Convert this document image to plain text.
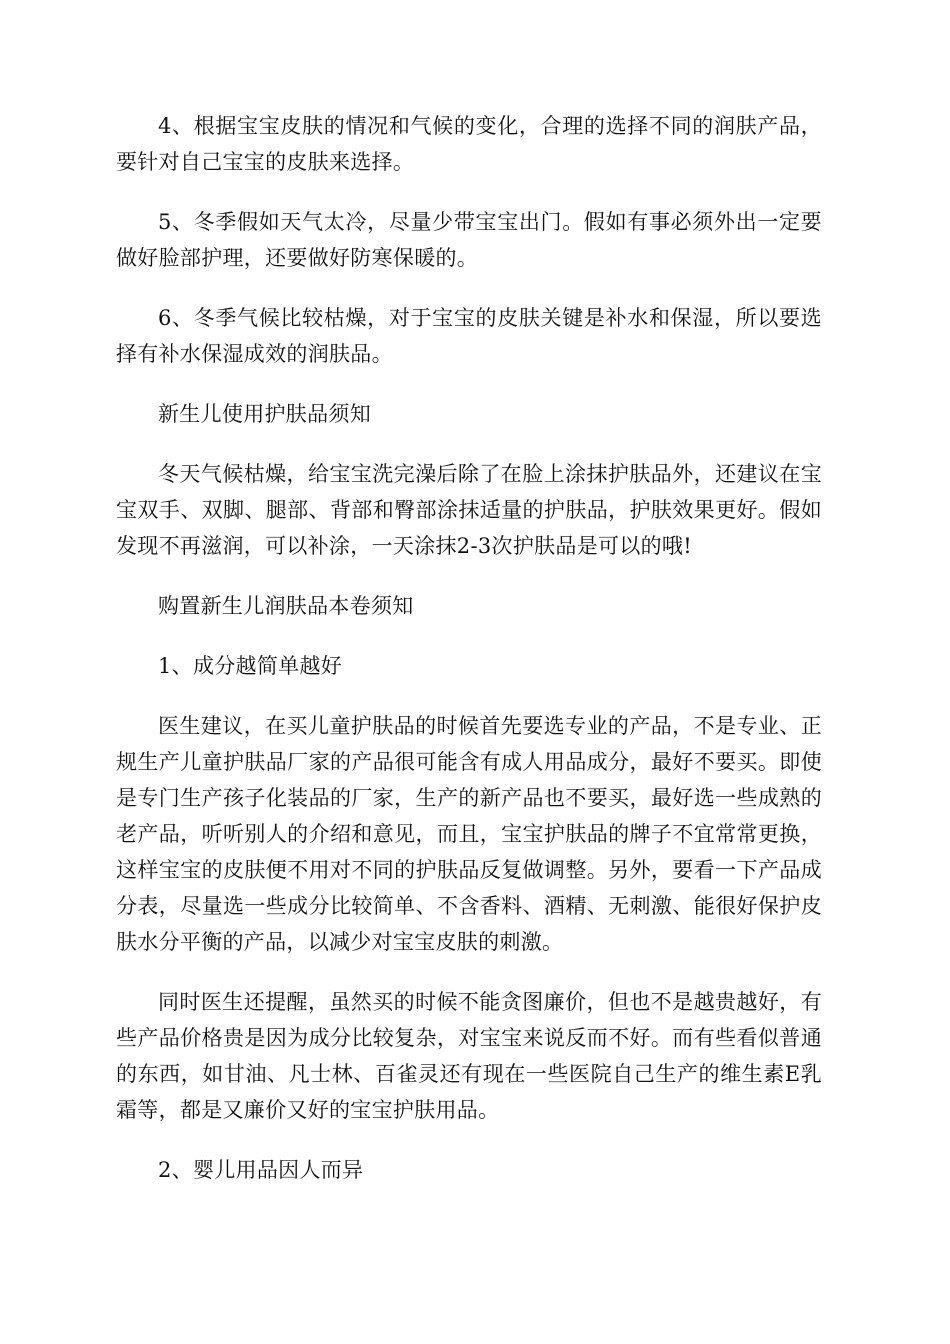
4、根据宝宝皮肤的情况和气候的变化，合理的选择不同的润肤产品，要针对自己宝宝的皮肤来选择。

5、冬季假如天气太冷，尽量少带宝宝出门。假如有事必须外出一定要做好脸部护理，还要做好防寒保暖的。

6、冬季气候比较枯燥，对于宝宝的皮肤关键是补水和保湿，所以要选择有补水保湿成效的润肤品。

新生儿使用护肤品须知

冬天气候枯燥，给宝宝洗完澡后除了在脸上涂抹护肤品外，还建议在宝宝双手、双脚、腿部、背部和臀部涂抹适量的护肤品，护肤效果更好。假如发现不再滋润，可以补涂，一天涂抹2-3次护肤品是可以的哦!

购置新生儿润肤品本卷须知

1、成分越简单越好

医生建议，在买儿童护肤品的时候首先要选专业的产品，不是专业、正规生产儿童护肤品厂家的产品很可能含有成人用品成分，最好不要买。即使是专门生产孩子化装品的厂家，生产的新产品也不要买，最好选一些成熟的老产品，听听别人的介绍和意见，而且，宝宝护肤品的牌子不宜常常更换，这样宝宝的皮肤便不用对不同的护肤品反复做调整。另外，要看一下产品成分表，尽量选一些成分比较简单、不含香料、酒精、无刺激、能很好保护皮肤水分平衡的产品，以减少对宝宝皮肤的刺激。

同时医生还提醒，虽然买的时候不能贪图廉价，但也不是越贵越好，有些产品价格贵是因为成分比较复杂，对宝宝来说反而不好。而有些看似普通的东西，如甘油、凡士林、百雀灵还有现在一些医院自己生产的维生素E乳霜等，都是又廉价又好的宝宝护肤用品。

2、婴儿用品因人而异
